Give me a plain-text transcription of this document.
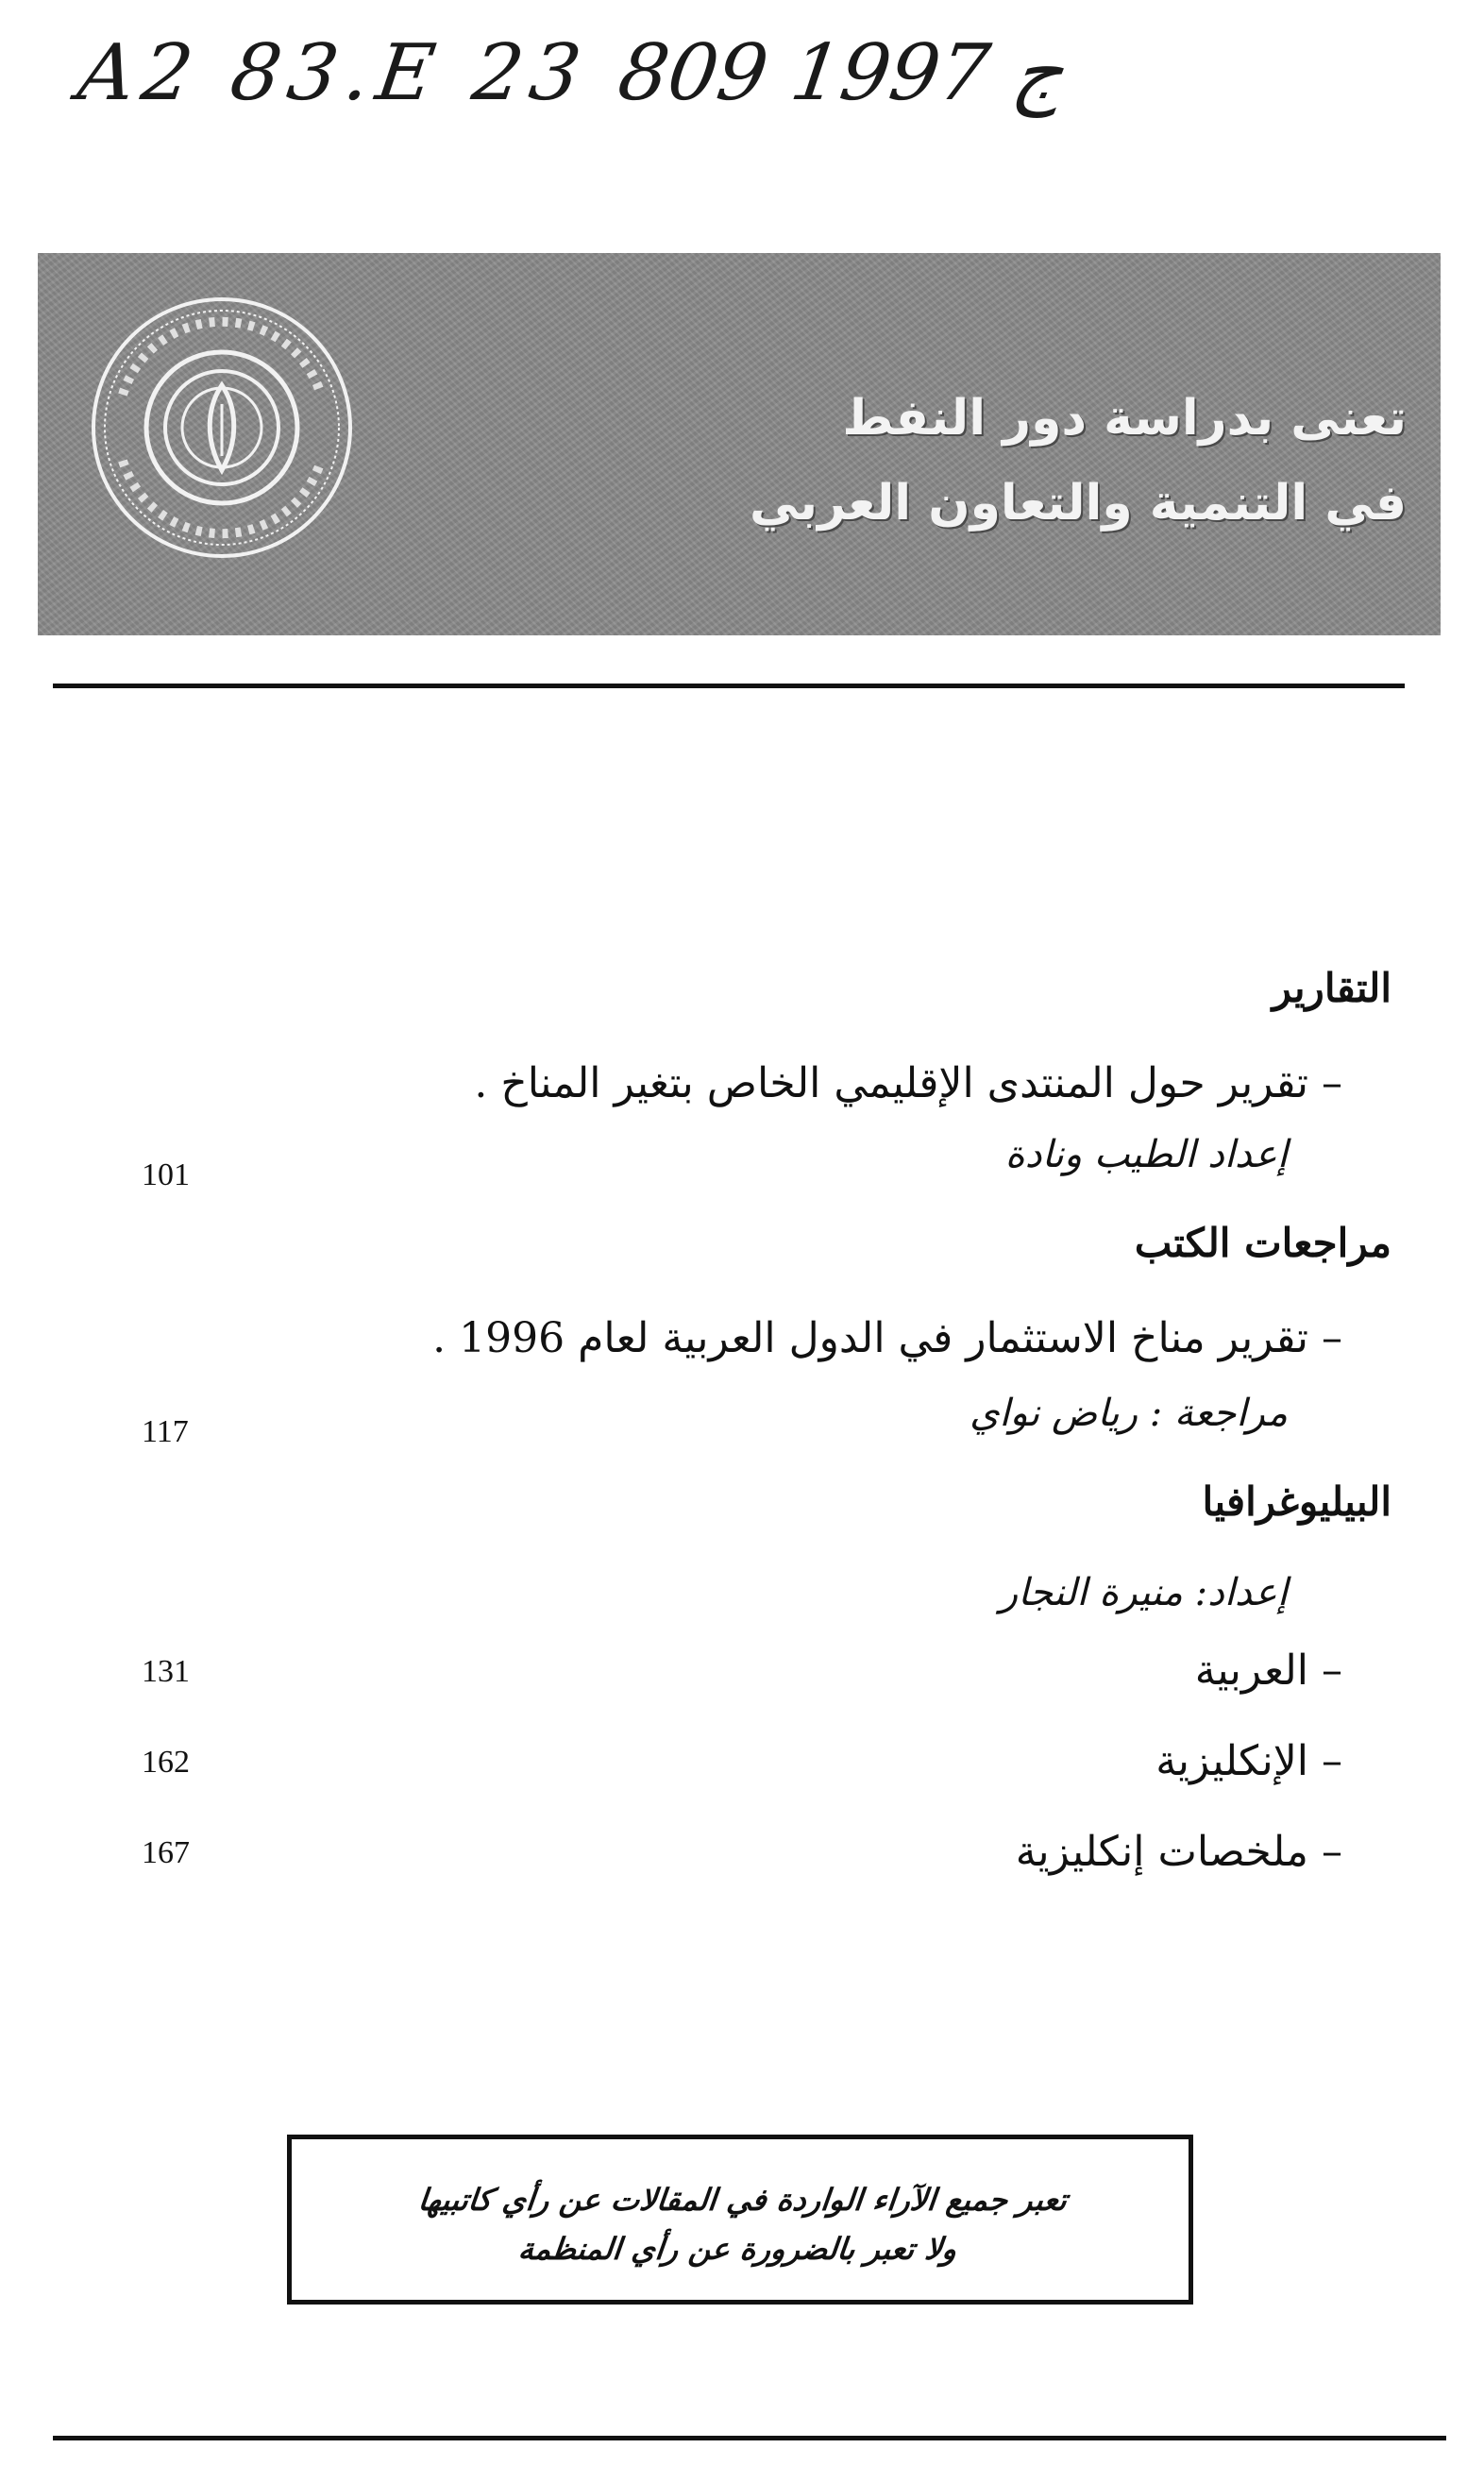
A2 83.E 23 ج 1997 809
تعنى بدراسة دور النفط
في التنمية والتعاون العربي
التقارير
– تقرير حول المنتدى الإقليمي الخاص بتغير المناخ .
إعداد الطيب ونادة
101
مراجعات الكتب
– تقرير مناخ الاستثمار في الدول العربية لعام 1996 .
مراجعة : رياض نواي
117
البيليوغرافيا
إعداد: منيرة النجار
– العربية
131
– الإنكليزية
162
– ملخصات إنكليزية
167
تعبر جميع الآراء الواردة في المقالات عن رأي كاتبيها
ولا تعبر بالضرورة عن رأي المنظمة
